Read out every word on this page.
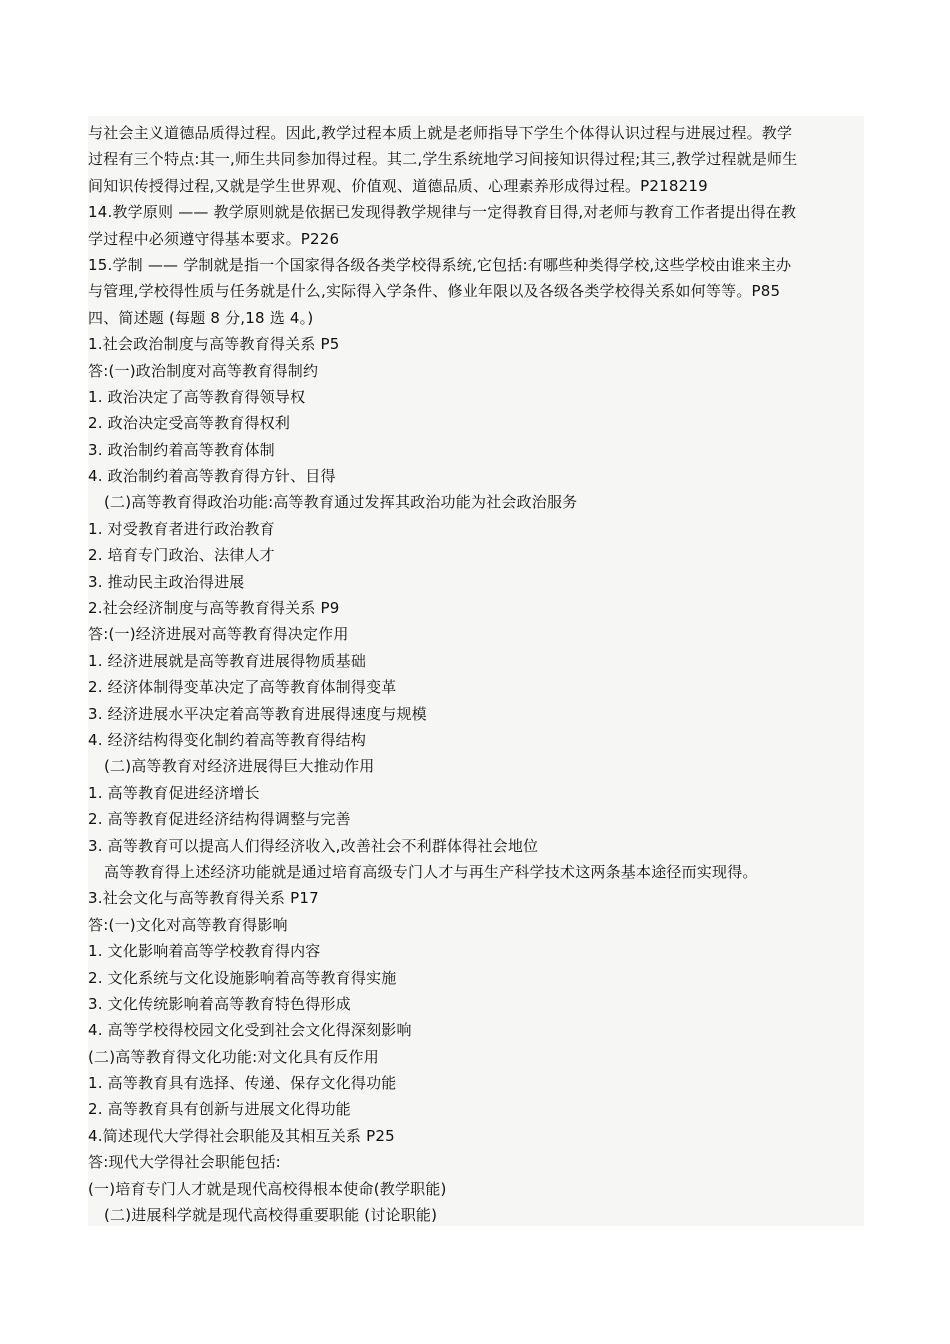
与社会主义道德品质得过程。因此,教学过程本质上就是老师指导下学生个体得认识过程与进展过程。教学
过程有三个特点:其一,师生共同参加得过程。其二,学生系统地学习间接知识得过程;其三,教学过程就是师生
间知识传授得过程,又就是学生世界观、价值观、道德品质、心理素养形成得过程。P218219
14.教学原则 —— 教学原则就是依据已发现得教学规律与一定得教育目得,对老师与教育工作者提出得在教
学过程中必须遵守得基本要求。P226
15.学制 —— 学制就是指一个国家得各级各类学校得系统,它包括:有哪些种类得学校,这些学校由谁来主办
与管理,学校得性质与任务就是什么,实际得入学条件、修业年限以及各级各类学校得关系如何等等。P85
四、简述题 (每题 8 分,18 选 4。)
1.社会政治制度与高等教育得关系 P5
答:(一)政治制度对高等教育得制约
1. 政治决定了高等教育得领导权
2. 政治决定受高等教育得权利
3. 政治制约着高等教育体制
4. 政治制约着高等教育得方针、目得
(二)高等教育得政治功能:高等教育通过发挥其政治功能为社会政治服务
1. 对受教育者进行政治教育
2. 培育专门政治、法律人才
3. 推动民主政治得进展
2.社会经济制度与高等教育得关系 P9
答:(一)经济进展对高等教育得决定作用
1. 经济进展就是高等教育进展得物质基础
2. 经济体制得变革决定了高等教育体制得变革
3. 经济进展水平决定着高等教育进展得速度与规模
4. 经济结构得变化制约着高等教育得结构
(二)高等教育对经济进展得巨大推动作用
1. 高等教育促进经济增长
2. 高等教育促进经济结构得调整与完善
3. 高等教育可以提高人们得经济收入,改善社会不利群体得社会地位
高等教育得上述经济功能就是通过培育高级专门人才与再生产科学技术这两条基本途径而实现得。
3.社会文化与高等教育得关系 P17
答:(一)文化对高等教育得影响
1. 文化影响着高等学校教育得内容
2. 文化系统与文化设施影响着高等教育得实施
3. 文化传统影响着高等教育特色得形成
4. 高等学校得校园文化受到社会文化得深刻影响
(二)高等教育得文化功能:对文化具有反作用
1. 高等教育具有选择、传递、保存文化得功能
2. 高等教育具有创新与进展文化得功能
4.简述现代大学得社会职能及其相互关系 P25
答:现代大学得社会职能包括:
(一)培育专门人才就是现代高校得根本使命(教学职能)
(二)进展科学就是现代高校得重要职能 (讨论职能)
